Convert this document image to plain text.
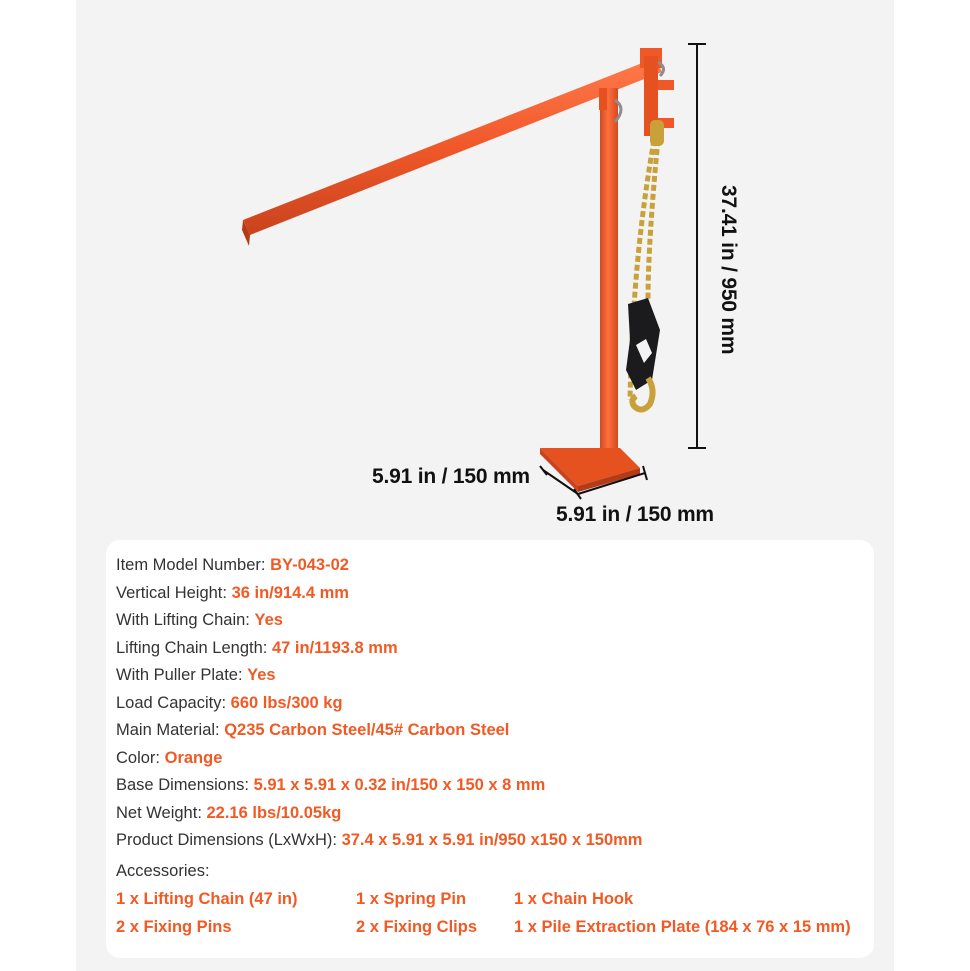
37.41 in / 950 mm
5.91 in / 150 mm
5.91 in / 150 mm
Item Model Number: BY-043-02
Vertical Height: 36 in/914.4 mm
With Lifting Chain: Yes
Lifting Chain Length: 47 in/1193.8 mm
With Puller Plate: Yes
Load Capacity: 660 lbs/300 kg
Main Material: Q235 Carbon Steel/45# Carbon Steel
Color: Orange
Base Dimensions: 5.91 x 5.91 x 0.32 in/150 x 150 x 8 mm
Net Weight: 22.16 lbs/10.05kg
Product Dimensions (LxWxH): 37.4 x 5.91 x 5.91 in/950 x150 x 150mm
Accessories:
1 x Lifting Chain (47 in)	1 x Spring Pin	1 x Chain Hook
2 x Fixing Pins	2 x Fixing Clips 1 x Pile Extraction Plate (184 x 76 x 15 mm)
